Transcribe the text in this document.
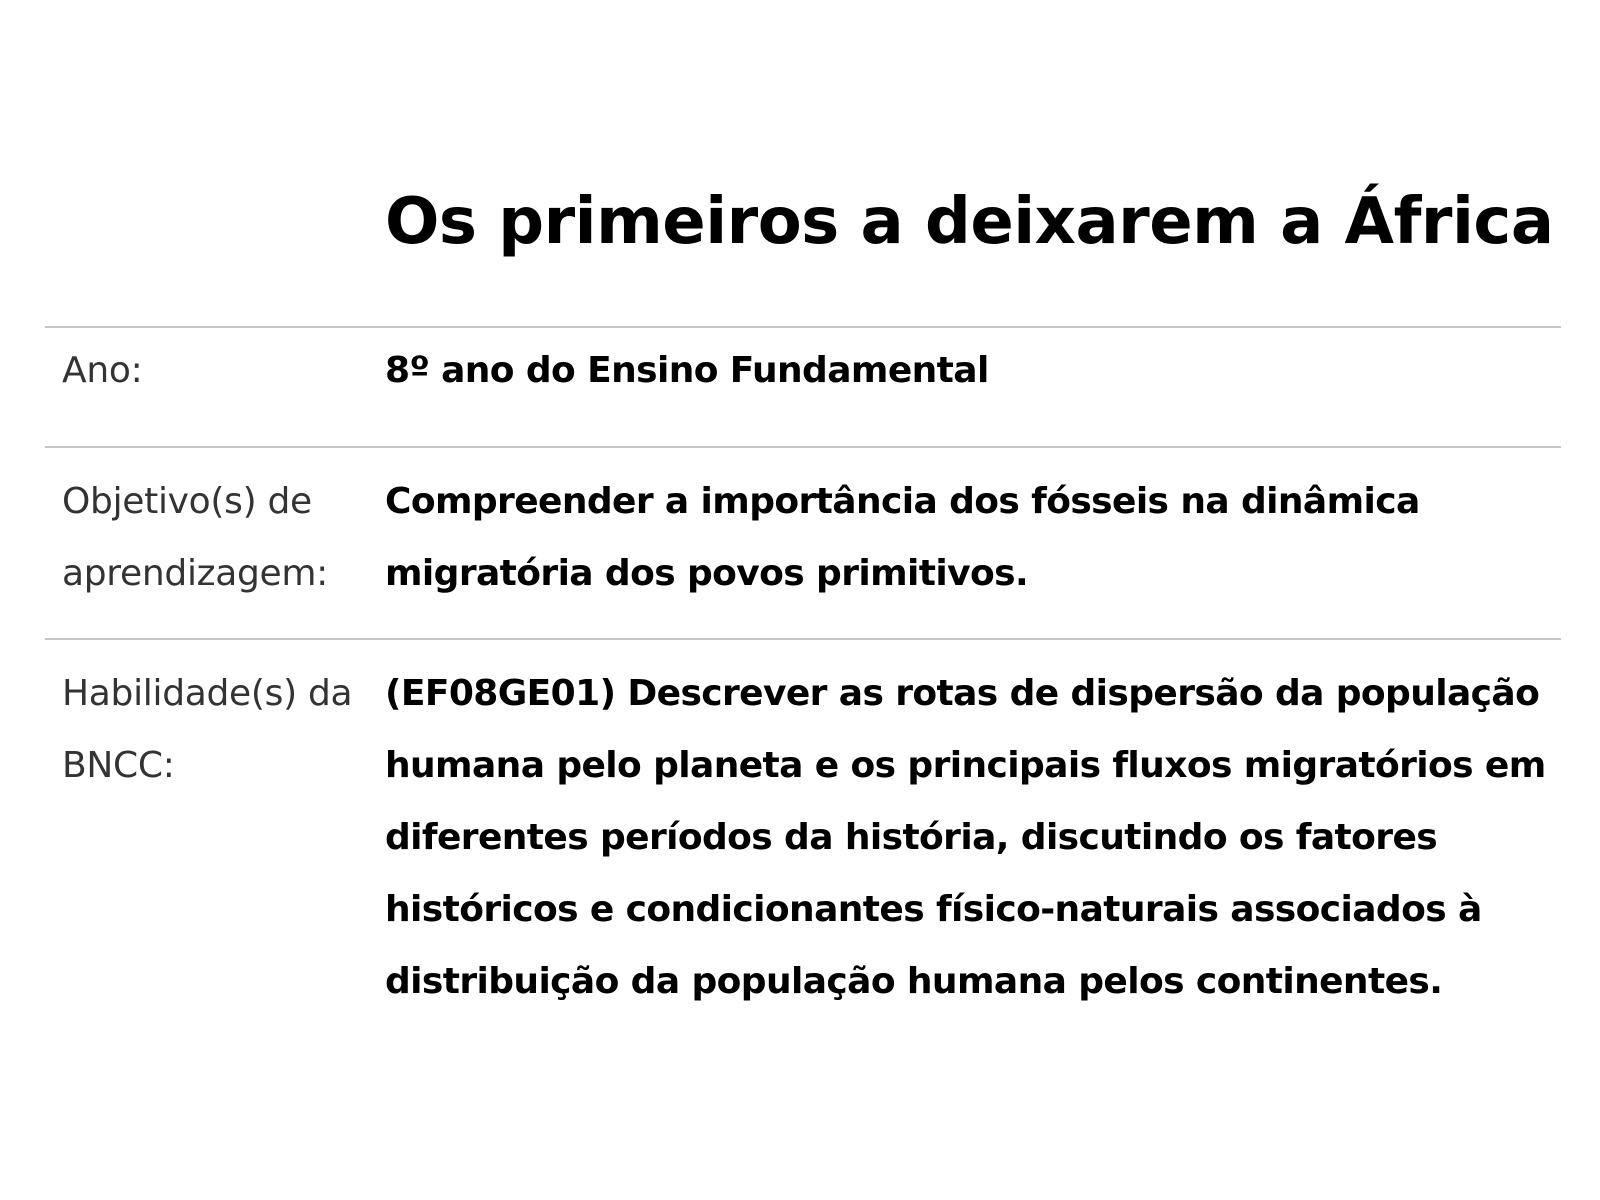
Os primeiros a deixarem a África
Ano:	8º ano do Ensino Fundamental
Objetivo(s) de aprendizagem:
Compreender a importância dos fósseis na dinâmica migratória dos povos primitivos.
Habilidade(s) da BNCC:
(EF08GE01) Descrever as rotas de dispersão da população humana pelo planeta e os principais fluxos migratórios em diferentes períodos da história, discutindo os fatores históricos e condicionantes físico-naturais associados à distribuição da população humana pelos continentes.
